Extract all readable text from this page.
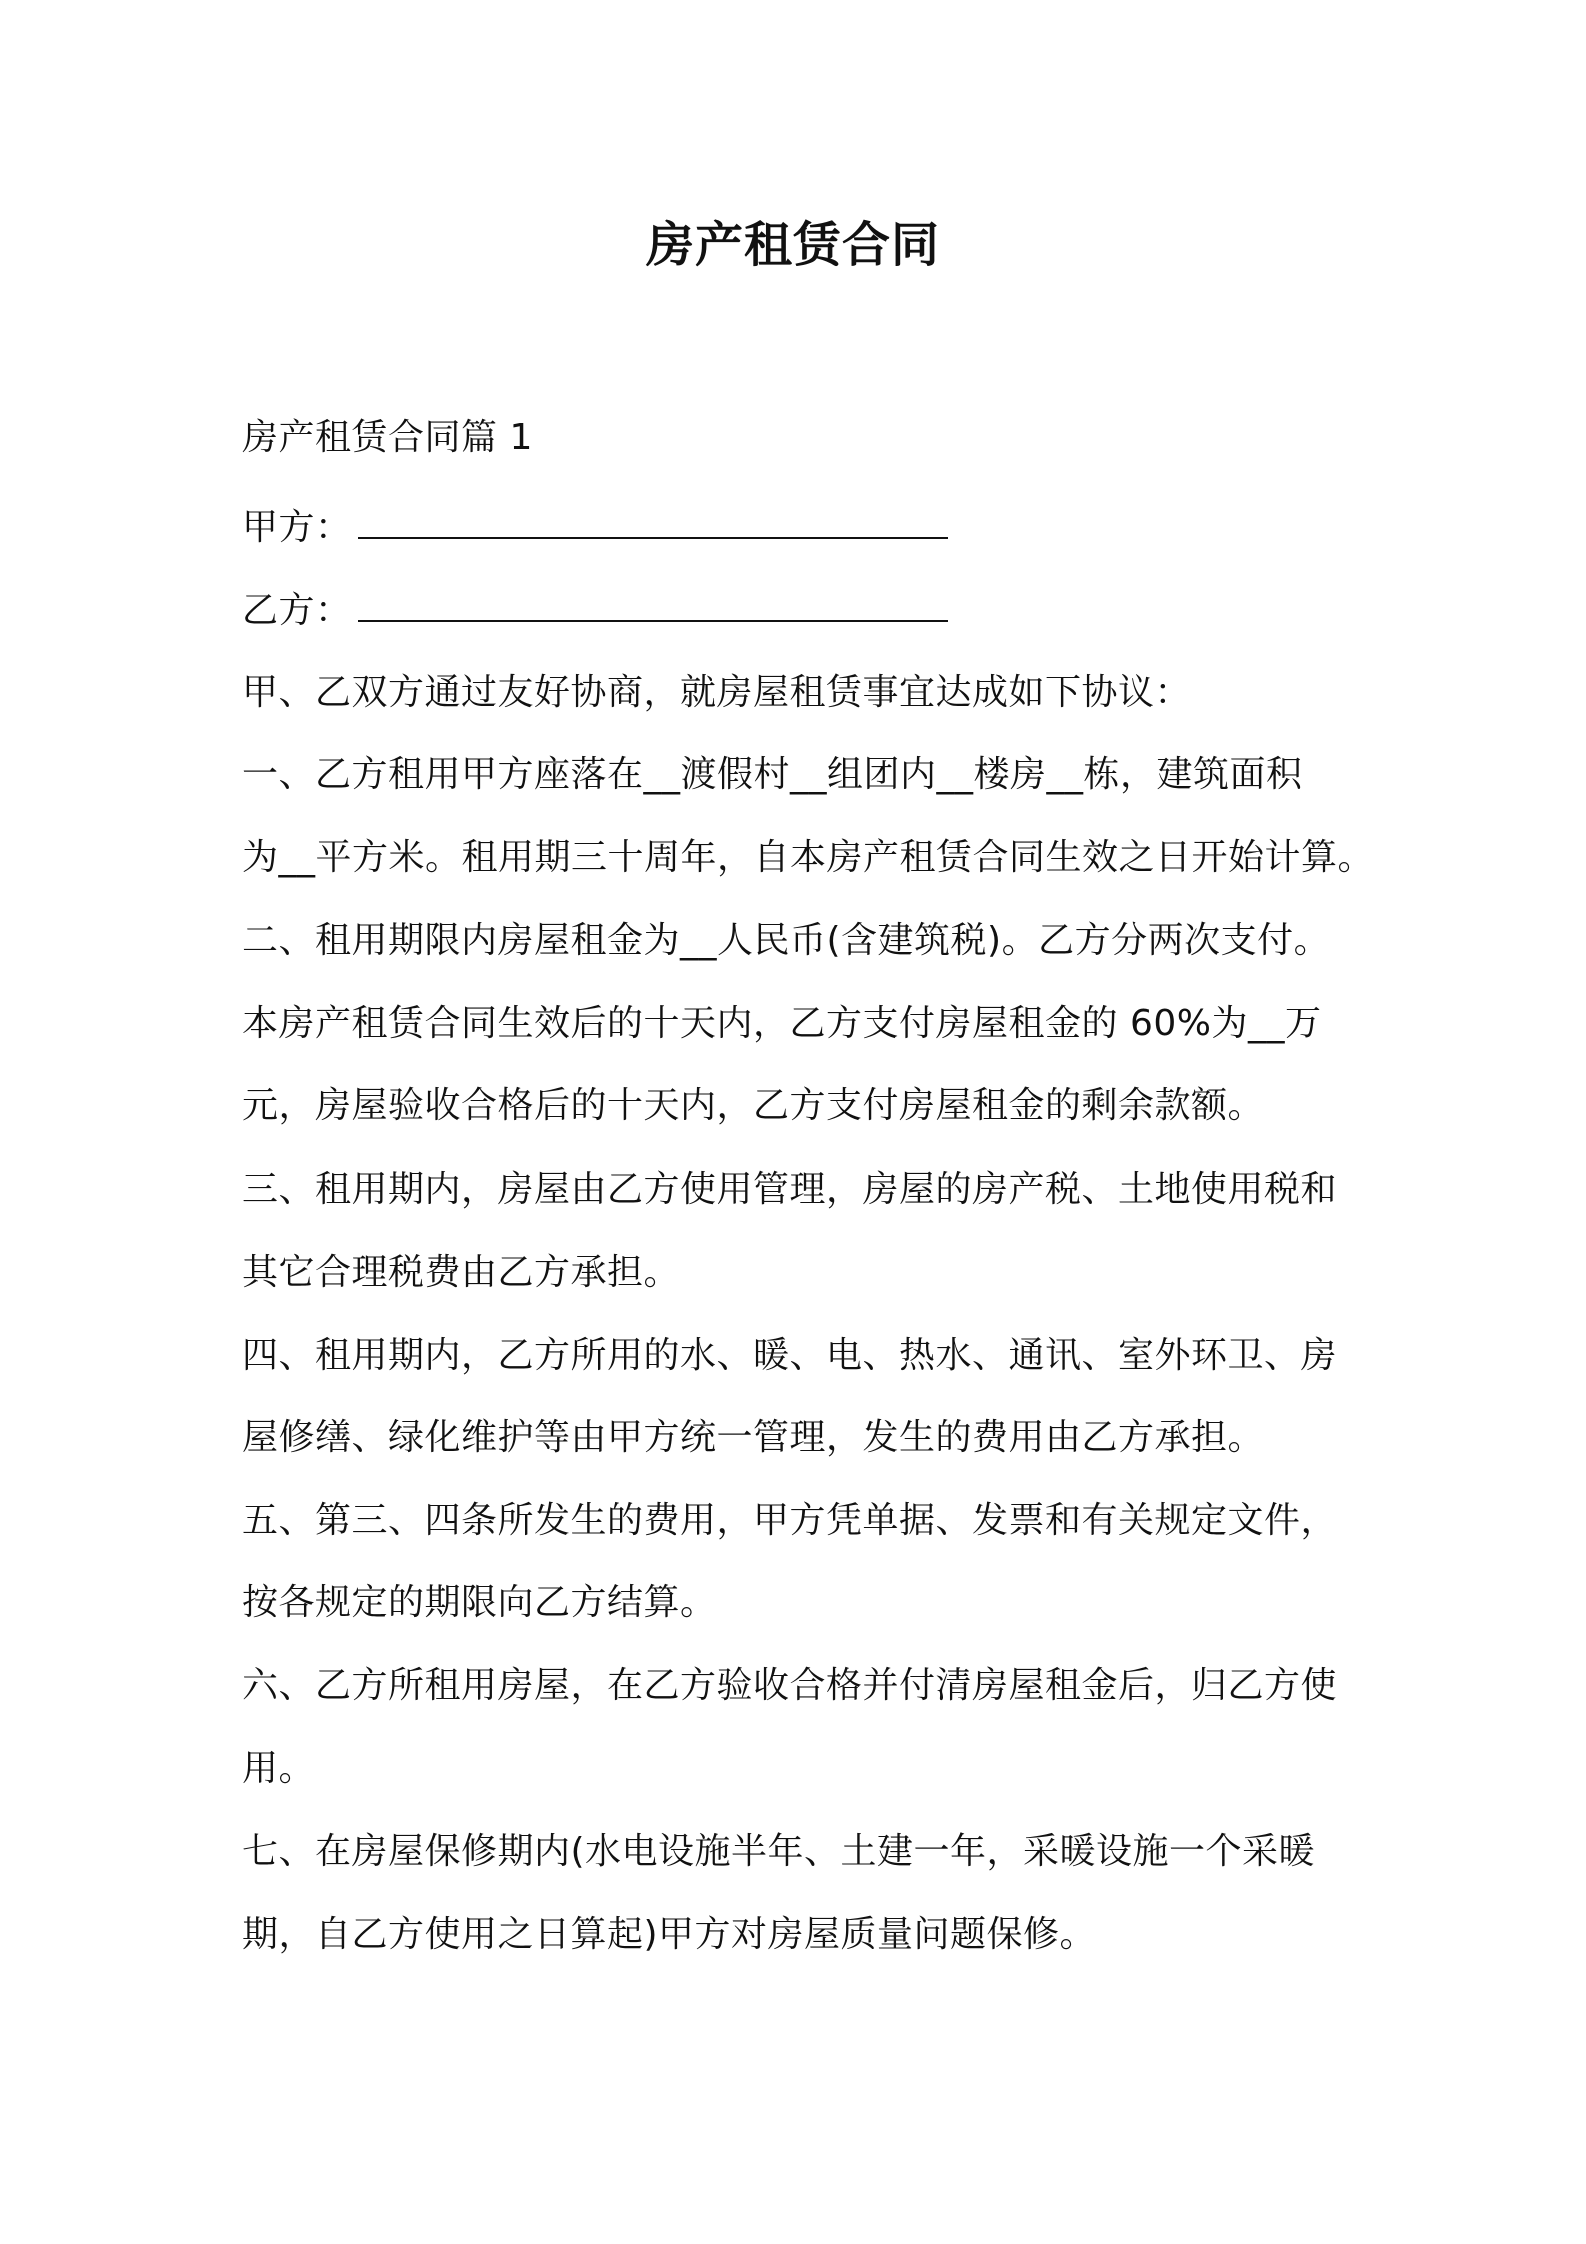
房产租赁合同
房产租赁合同篇 1
甲方：
乙方：
甲、乙双方通过友好协商，就房屋租赁事宜达成如下协议：
一、乙方租用甲方座落在__渡假村__组团内__楼房__栋，建筑面积
为__平方米。租用期三十周年，自本房产租赁合同生效之日开始计算。
二、租用期限内房屋租金为__人民币(含建筑税)。乙方分两次支付。
本房产租赁合同生效后的十天内，乙方支付房屋租金的 60%为__万
元，房屋验收合格后的十天内，乙方支付房屋租金的剩余款额。
三、租用期内，房屋由乙方使用管理，房屋的房产税、土地使用税和
其它合理税费由乙方承担。
四、租用期内，乙方所用的水、暖、电、热水、通讯、室外环卫、房
屋修缮、绿化维护等由甲方统一管理，发生的费用由乙方承担。
五、第三、四条所发生的费用，甲方凭单据、发票和有关规定文件，
按各规定的期限向乙方结算。
六、乙方所租用房屋，在乙方验收合格并付清房屋租金后，归乙方使
用。
七、在房屋保修期内(水电设施半年、土建一年，采暖设施一个采暖
期，自乙方使用之日算起)甲方对房屋质量问题保修。
